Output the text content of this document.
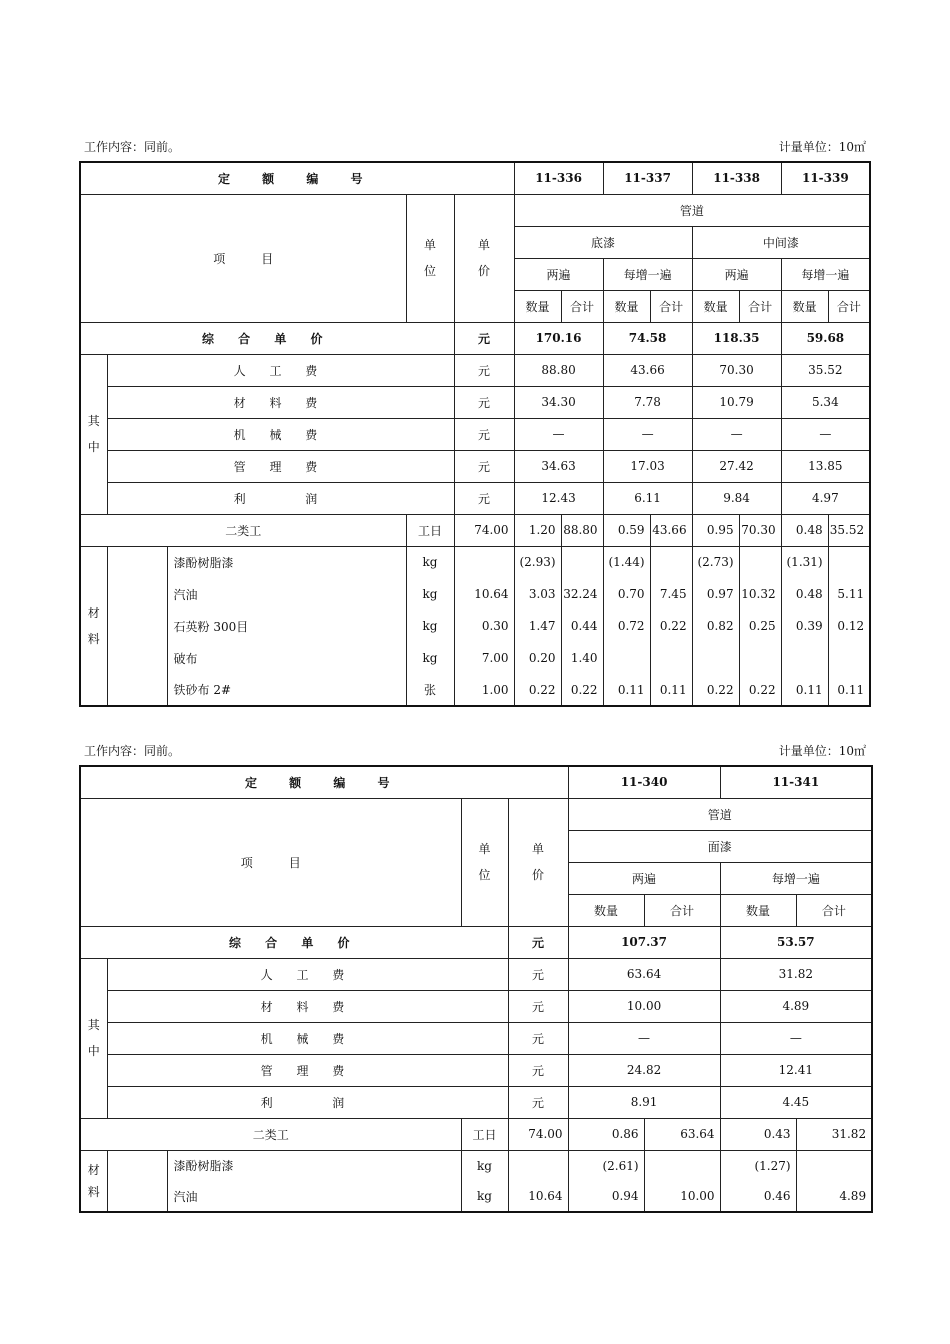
工作内容：同前。	计量单位：10㎡
定 额 编 号					11-336		11-337		11-338		11-339	
项　　　目			单位	单价	管道							
					底漆				中间漆			
					两遍		每增一遍		两遍		每增一遍	
					数量	合计	数量	合计	数量	合计	数量	合计
综 合 单 价				元	170.16		74.58		118.35		59.68	

其中	人 工 费			元	88.80		43.66		70.30		35.52	
	材 料 费			元	34.30		7.78		10.79		5.34	
	机 械 费			元	—		—		—		—	
	管 理 费			元	34.63		17.03		27.42		13.85	
	利 　 润			元	12.43		6.11		9.84		4.97	
二类工			工日	74.00	1.20	88.80	0.59	43.66	0.95	70.30	0.48	35.52

材料		漆酚树脂漆	kg		(2.93)		(1.44)		(2.73)		(1.31)	
		汽油	kg	10.64	3.03	32.24	0.70	7.45	0.97	10.32	0.48	5.11
		石英粉 300目	kg	0.30	1.47	0.44	0.72	0.22	0.82	0.25	0.39	0.12
		破布	kg	7.00	0.20	1.40						
		铁砂布 2#	张	1.00	0.22	0.22	0.11	0.11	0.22	0.22	0.11	0.11
工作内容：同前。	计量单位：10㎡
定 额 编 号					11-340		11-341	
项　　　目			单位	单价	管道			
					面漆			
					两遍		每增一遍	
					数量	合计	数量	合计
综 合 单 价				元	107.37		53.57	

其中	人 工 费			元	63.64		31.82	
	材 料 费			元	10.00		4.89	
	机 械 费			元	—		—	
	管 理 费			元	24.82		12.41	
	利 　 润			元	8.91		4.45	
二类工			工日	74.00	0.86	63.64	0.43	31.82

材料		漆酚树脂漆	kg		(2.61)		(1.27)	
		汽油	kg	10.64	0.94	10.00	0.46	4.89
